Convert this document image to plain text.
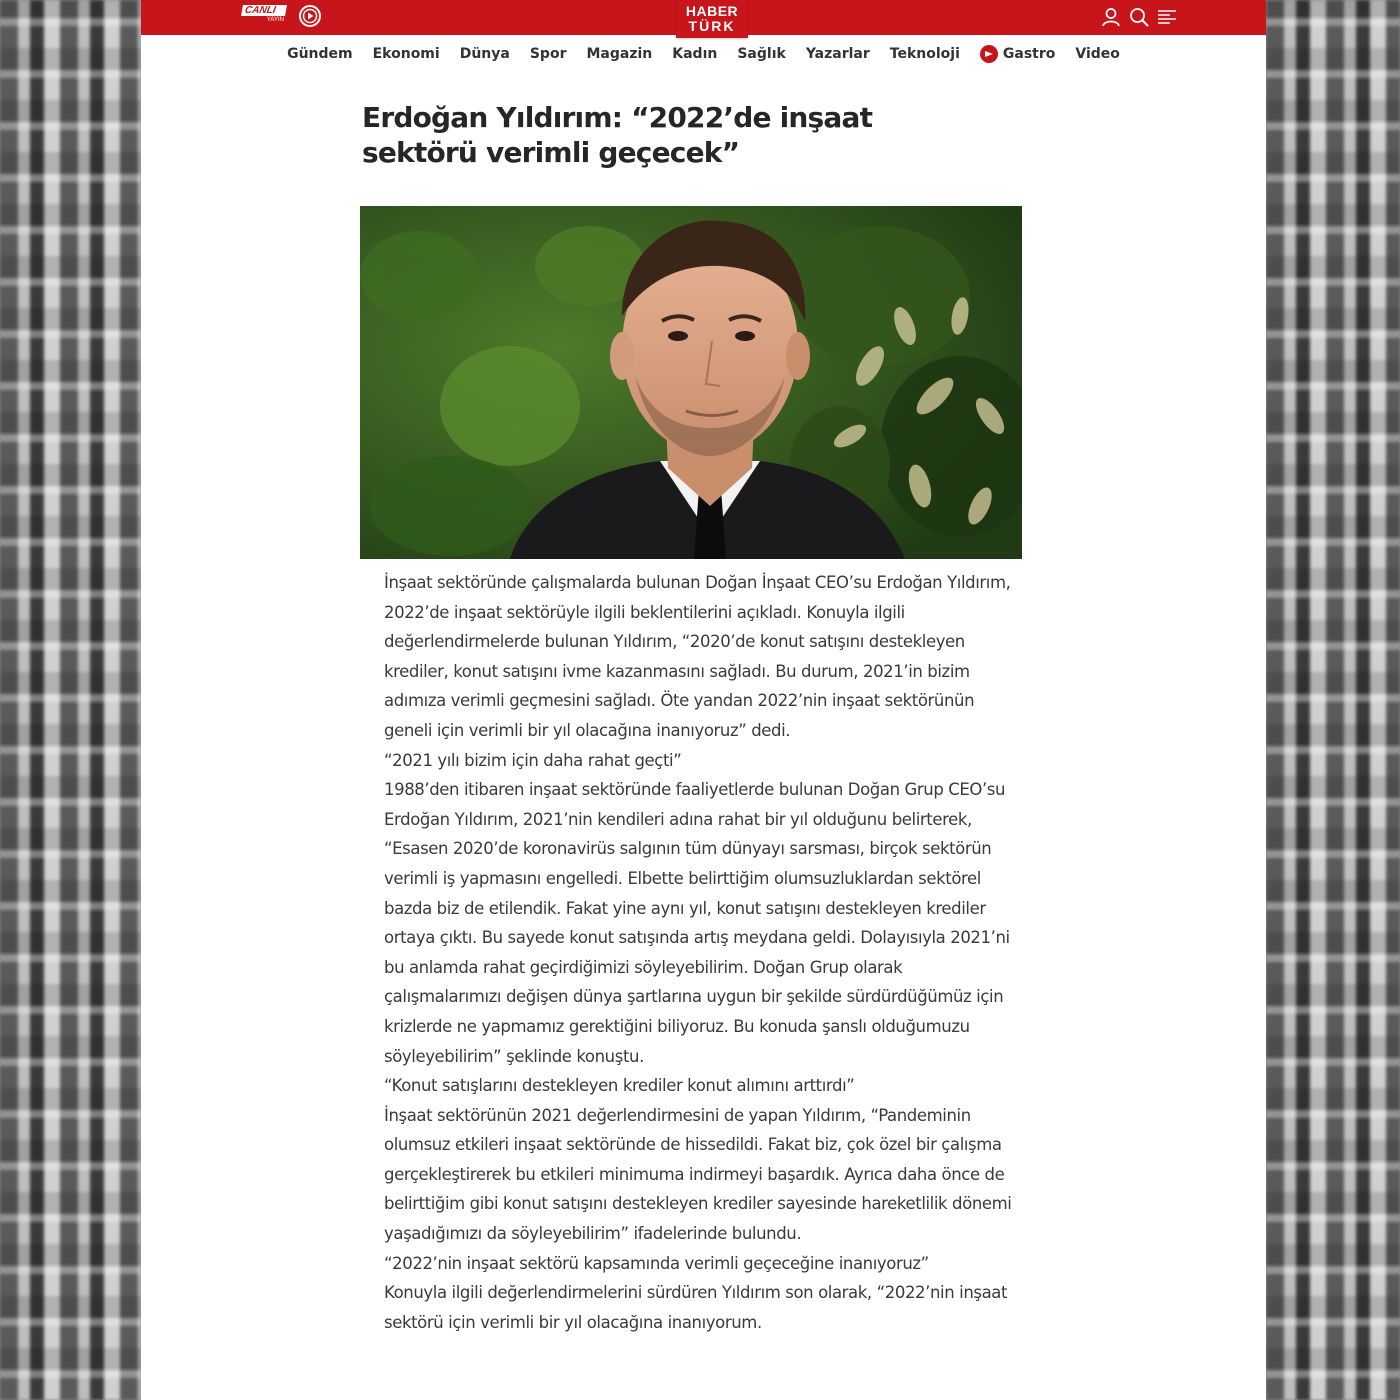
CANLI
YAYIN
HABER
TÜRK
Gündem Ekonomi Dünya Spor Magazin Kadın Sağlık Yazarlar Teknoloji	Gastro Video
Erdoğan Yıldırım: “2022’de inşaat sektörü verimli geçecek”

İnşaat sektöründe çalışmalarda bulunan Doğan İnşaat CEO’su Erdoğan Yıldırım, 2022’de inşaat sektörüyle ilgili beklentilerini açıkladı. Konuyla ilgili değerlendirmelerde bulunan Yıldırım, “2020’de konut satışını destekleyen krediler, konut satışını ivme kazanmasını sağladı. Bu durum, 2021’in bizim adımıza verimli geçmesini sağladı. Öte yandan 2022’nin inşaat sektörünün geneli için verimli bir yıl olacağına inanıyoruz” dedi.

“2021 yılı bizim için daha rahat geçti”

1988’den itibaren inşaat sektöründe faaliyetlerde bulunan Doğan Grup CEO’su Erdoğan Yıldırım, 2021’nin kendileri adına rahat bir yıl olduğunu belirterek, “Esasen 2020’de koronavirüs salgının tüm dünyayı sarsması, birçok sektörün verimli iş yapmasını engelledi. Elbette belirttiğim olumsuzluklardan sektörel bazda biz de etilendik. Fakat yine aynı yıl, konut satışını destekleyen krediler ortaya çıktı. Bu sayede konut satışında artış meydana geldi. Dolayısıyla 2021’ni bu anlamda rahat geçirdiğimizi söyleyebilirim. Doğan Grup olarak çalışmalarımızı değişen dünya şartlarına uygun bir şekilde sürdürdüğümüz için krizlerde ne yapmamız gerektiğini biliyoruz. Bu konuda şanslı olduğumuzu söyleyebilirim” şeklinde konuştu.

“Konut satışlarını destekleyen krediler konut alımını arttırdı”

İnşaat sektörünün 2021 değerlendirmesini de yapan Yıldırım, “Pandeminin olumsuz etkileri inşaat sektöründe de hissedildi. Fakat biz, çok özel bir çalışma gerçekleştirerek bu etkileri minimuma indirmeyi başardık. Ayrıca daha önce de belirttiğim gibi konut satışını destekleyen krediler sayesinde hareketlilik dönemi yaşadığımızı da söyleyebilirim” ifadelerinde bulundu.

“2022’nin inşaat sektörü kapsamında verimli geçeceğine inanıyoruz”

Konuyla ilgili değerlendirmelerini sürdüren Yıldırım son olarak, “2022’nin inşaat sektörü için verimli bir yıl olacağına inanıyorum.
